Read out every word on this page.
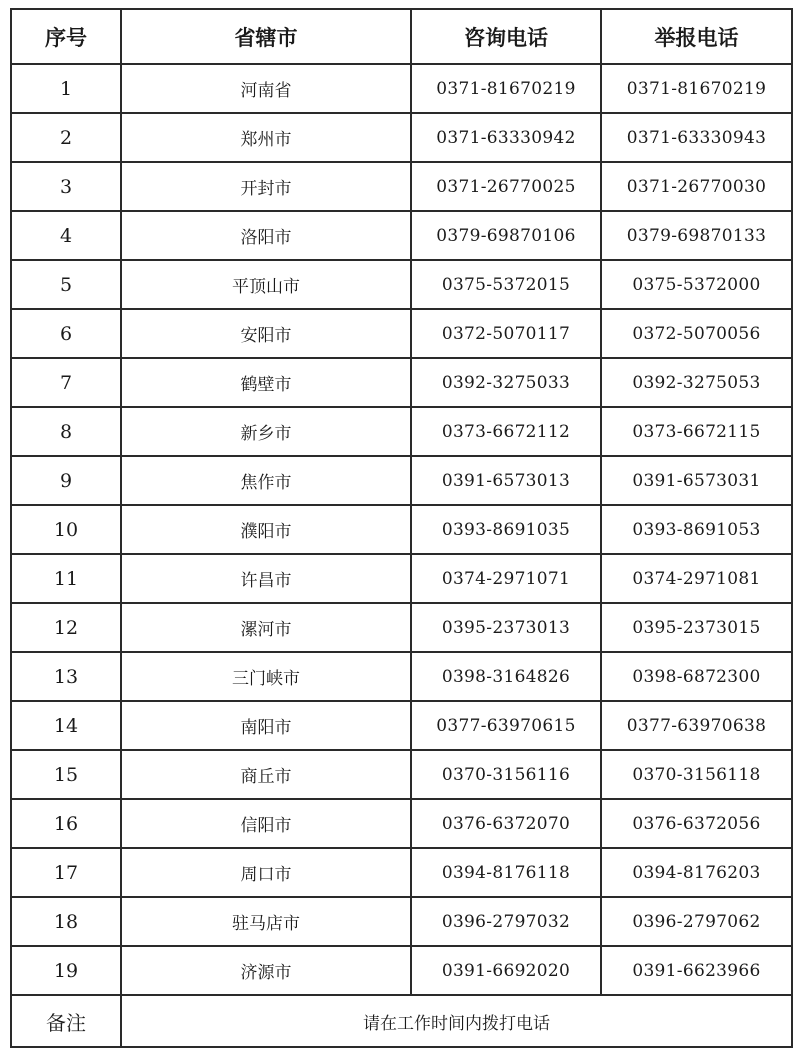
序号	省辖市	咨询电话	举报电话
1	河南省	0371-81670219	0371-81670219
2	郑州市	0371-63330942	0371-63330943
3	开封市	0371-26770025	0371-26770030
4	洛阳市	0379-69870106	0379-69870133
5	平顶山市	0375-5372015	0375-5372000
6	安阳市	0372-5070117	0372-5070056
7	鹤壁市	0392-3275033	0392-3275053
8	新乡市	0373-6672112	0373-6672115
9	焦作市	0391-6573013	0391-6573031
10	濮阳市	0393-8691035	0393-8691053
11	许昌市	0374-2971071	0374-2971081
12	漯河市	0395-2373013	0395-2373015
13	三门峡市	0398-3164826	0398-6872300
14	南阳市	0377-63970615	0377-63970638
15	商丘市	0370-3156116	0370-3156118
16	信阳市	0376-6372070	0376-6372056
17	周口市	0394-8176118	0394-8176203
18	驻马店市	0396-2797032	0396-2797062
19	济源市	0391-6692020	0391-6623966
备注	请在工作时间内拨打电话		
